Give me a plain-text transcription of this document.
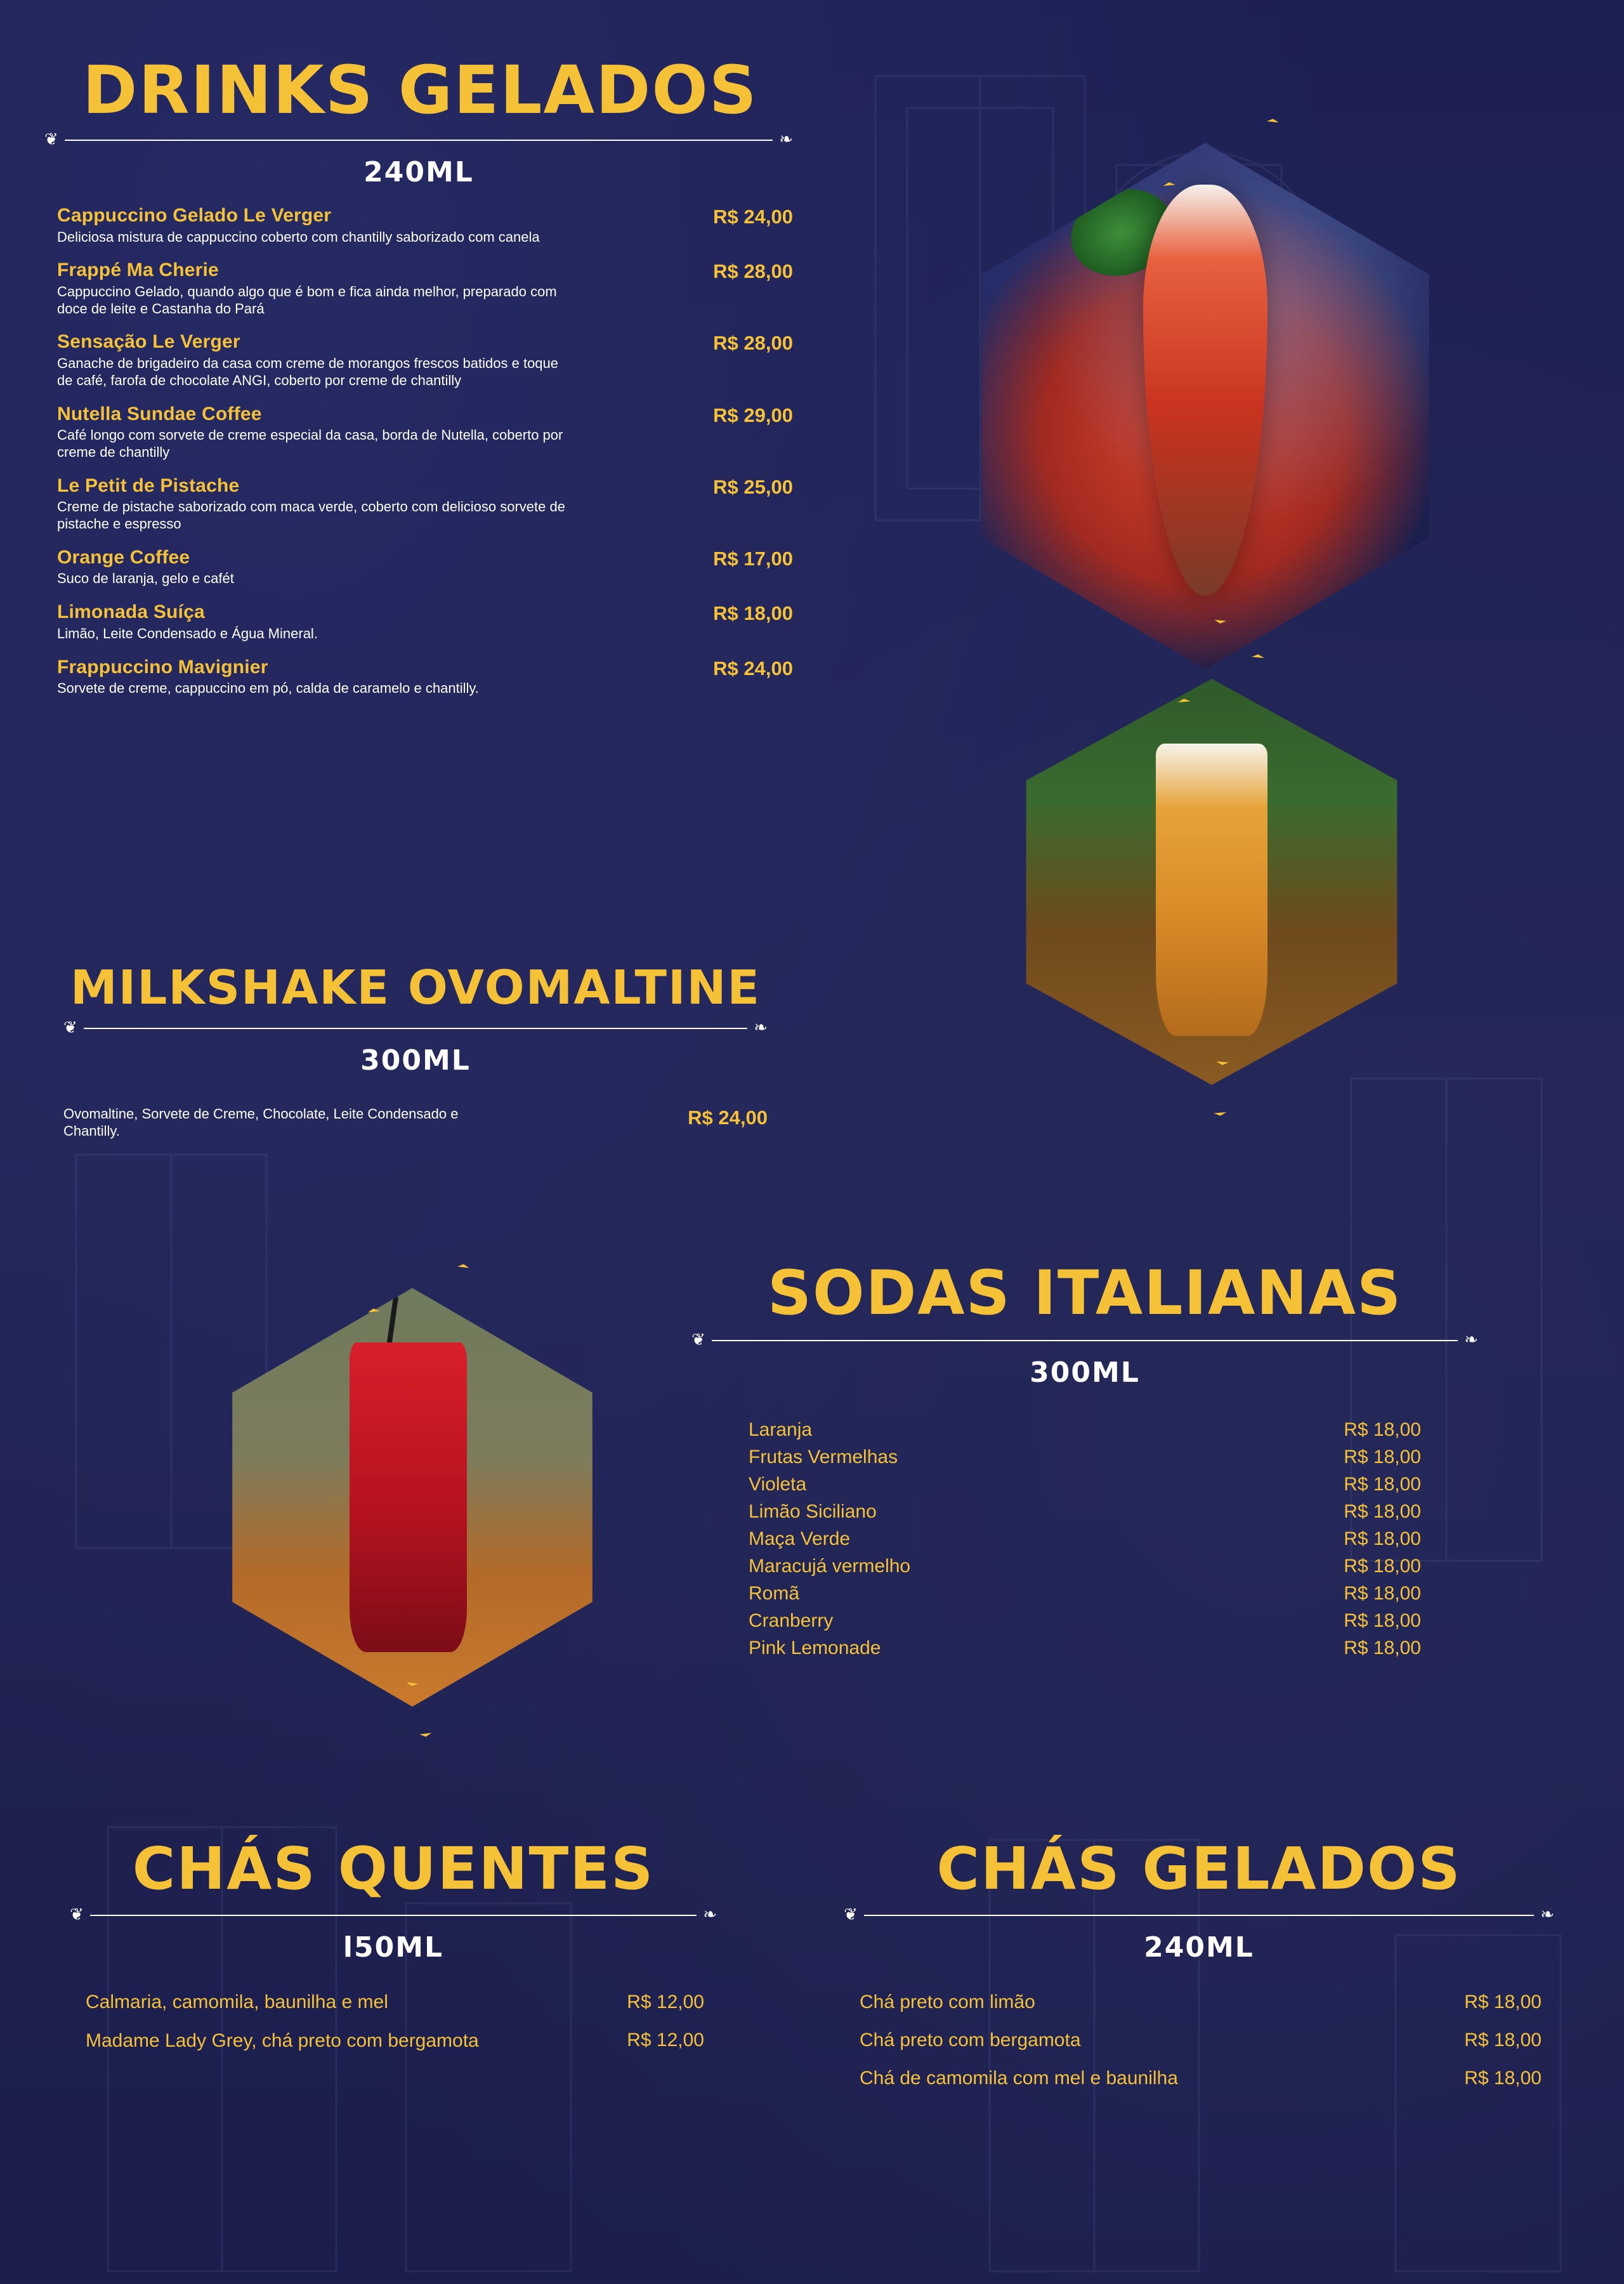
DRINKS GELADOS
❦	❧
240ML
Cappuccino Gelado Le Verger
Deliciosa mistura de cappuccino coberto com chantilly saborizado com canela
R$ 24,00
Frappé Ma Cherie
Cappuccino Gelado, quando algo que é bom e fica ainda melhor, preparado com doce de leite e Castanha do Pará
R$ 28,00
Sensação Le Verger
Ganache de brigadeiro da casa com creme de morangos frescos batidos e toque de café, farofa de chocolate ANGI, coberto por creme de chantilly
R$ 28,00
Nutella Sundae Coffee
Café longo com sorvete de creme especial da casa, borda de Nutella, coberto por creme de chantilly
R$ 29,00
Le Petit de Pistache
Creme de pistache saborizado com maca verde, coberto com delicioso sorvete de pistache e espresso
R$ 25,00
Orange Coffee
Suco de laranja, gelo e cafét
R$ 17,00
Limonada Suíça
Limão, Leite Condensado e Água Mineral.
R$ 18,00
Frappuccino Mavignier
Sorvete de creme, cappuccino em pó, calda de caramelo e chantilly.
R$ 24,00
MILKSHAKE OVOMALTINE
❦	❧
300ML
Ovomaltine, Sorvete de Creme, Chocolate, Leite Condensado e Chantilly.
R$ 24,00
SODAS ITALIANAS
❦	❧
300ML
Laranja	R$ 18,00
Frutas Vermelhas	R$ 18,00
Violeta	R$ 18,00
Limão Siciliano	R$ 18,00
Maça Verde	R$ 18,00
Maracujá vermelho	R$ 18,00
Romã	R$ 18,00
Cranberry	R$ 18,00
Pink Lemonade	R$ 18,00
CHÁS QUENTES
❦	❧
l50ML
Calmaria, camomila, baunilha e mel	R$ 12,00
Madame Lady Grey, chá preto com bergamota	R$ 12,00
CHÁS GELADOS
❦	❧
240ML
Chá preto com limão	R$ 18,00
Chá preto com bergamota	R$ 18,00
Chá de camomila com mel e baunilha	R$ 18,00
